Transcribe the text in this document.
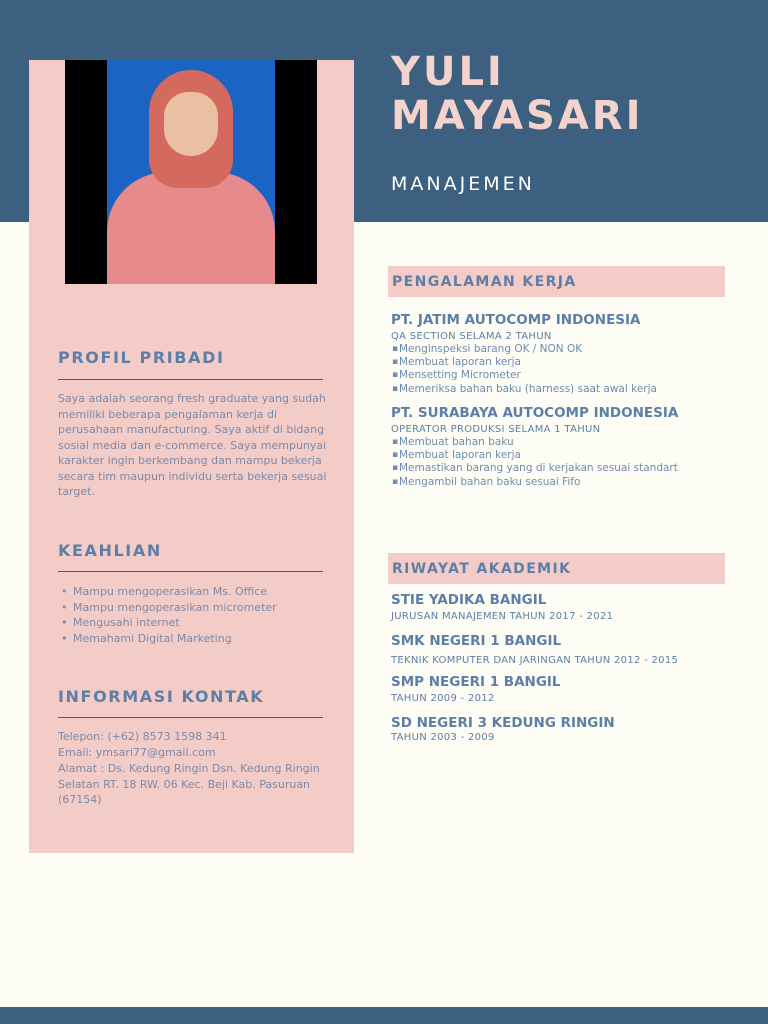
YULI
MAYASARI
MANAJEMEN
PROFIL PRIBADI

Saya adalah seorang fresh graduate yang sudah memiliki beberapa pengalaman kerja di perusahaan manufacturing. Saya aktif di bidang sosial media dan e-commerce. Saya mempunyai karakter ingin berkembang dan mampu bekerja secara tim maupun individu serta bekerja sesuai target.

KEAHLIAN
• Mampu mengoperasikan Ms. Office
• Mampu mengoperasikan micrometer
• Mengusahi internet
• Memahami Digital Marketing
INFORMASI KONTAK

Telepon: (+62) 8573 1598 341

Email: ymsari77@gmail.com

Alamat : Ds. Kedung Ringin Dsn. Kedung Ringin Selatan RT. 18 RW. 06 Kec. Beji Kab. Pasuruan (67154)

PENGALAMAN KERJA
PT. JATIM AUTOCOMP INDONESIA
QA SECTION SELAMA 2 TAHUN
▪ Menginspeksi barang OK / NON OK
▪ Membuat laporan kerja
▪ Mensetting Micrometer
▪ Memeriksa bahan baku (harness) saat awal kerja
PT. SURABAYA AUTOCOMP INDONESIA
OPERATOR PRODUKSI SELAMA 1 TAHUN
▪ Membuat bahan baku
▪ Membuat laporan kerja
▪ Memastikan barang yang di kerjakan sesuai standart
▪ Mengambil bahan baku sesuai Fifo
RIWAYAT AKADEMIK
STIE YADIKA BANGIL
JURUSAN MANAJEMEN TAHUN 2017 - 2021
SMK NEGERI 1 BANGIL
TEKNIK KOMPUTER DAN JARINGAN TAHUN 2012 - 2015
SMP NEGERI 1 BANGIL
TAHUN 2009 - 2012
SD NEGERI 3 KEDUNG RINGIN
TAHUN 2003 - 2009
